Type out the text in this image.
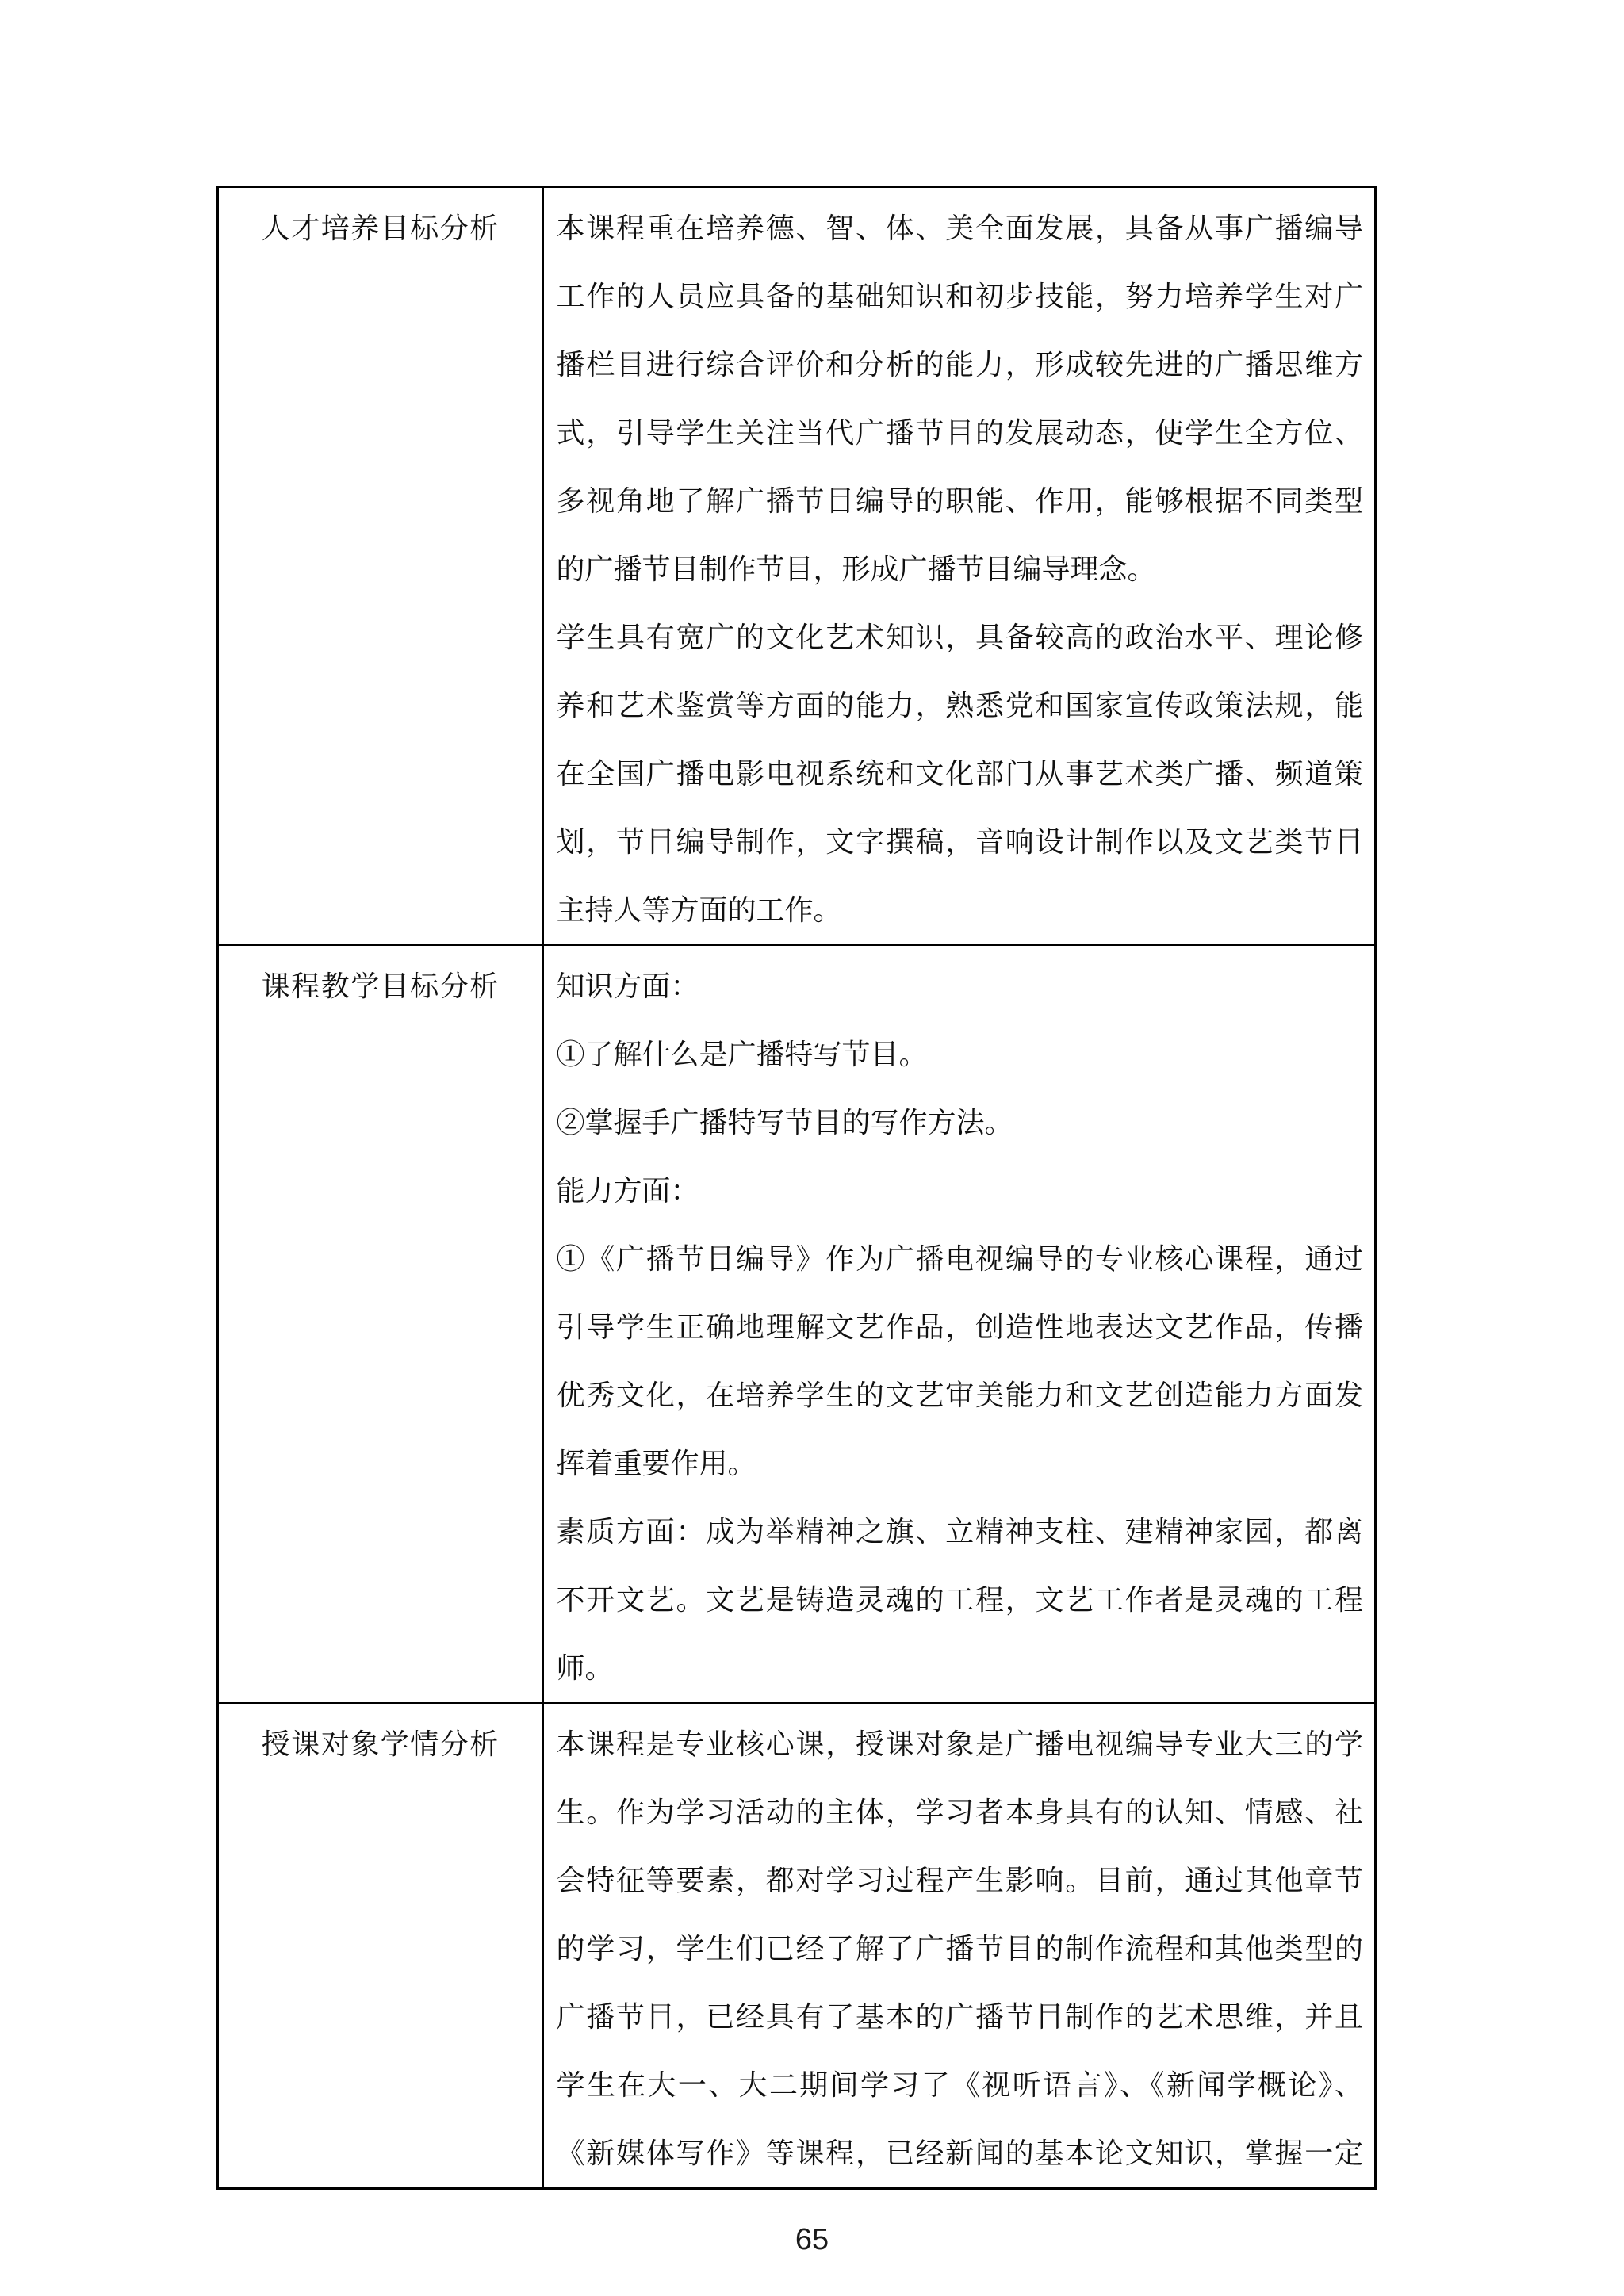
人才培养目标分析	本课程重在培养德、智、体、美全面发展，具备从事广播编导
工作的人员应具备的基础知识和初步技能，努力培养学生对广
播栏目进行综合评价和分析的能力，形成较先进的广播思维方
式，引导学生关注当代广播节目的发展动态，使学生全方位、
多视角地了解广播节目编导的职能、作用，能够根据不同类型
的广播节目制作节目，形成广播节目编导理念。
学生具有宽广的文化艺术知识，具备较高的政治水平、理论修
养和艺术鉴赏等方面的能力，熟悉党和国家宣传政策法规，能
在全国广播电影电视系统和文化部门从事艺术类广播、频道策
划，节目编导制作，文字撰稿，音响设计制作以及文艺类节目
主持人等方面的工作。

课程教学目标分析	知识方面：
①了解什么是广播特写节目。
②掌握手广播特写节目的写作方法。
能力方面：
①《广播节目编导》作为广播电视编导的专业核心课程，通过
引导学生正确地理解文艺作品，创造性地表达文艺作品，传播
优秀文化，在培养学生的文艺审美能力和文艺创造能力方面发
挥着重要作用。
素质方面：成为举精神之旗、立精神支柱、建精神家园，都离
不开文艺。文艺是铸造灵魂的工程，文艺工作者是灵魂的工程
师。

授课对象学情分析	本课程是专业核心课，授课对象是广播电视编导专业大三的学
生。作为学习活动的主体，学习者本身具有的认知、情感、社
会特征等要素，都对学习过程产生影响。目前，通过其他章节
的学习，学生们已经了解了广播节目的制作流程和其他类型的
广播节目，已经具有了基本的广播节目制作的艺术思维，并且
学生在大一、大二期间学习了《视听语言》、《新闻学概论》、
《新媒体写作》等课程，已经新闻的基本论文知识，掌握一定
65
